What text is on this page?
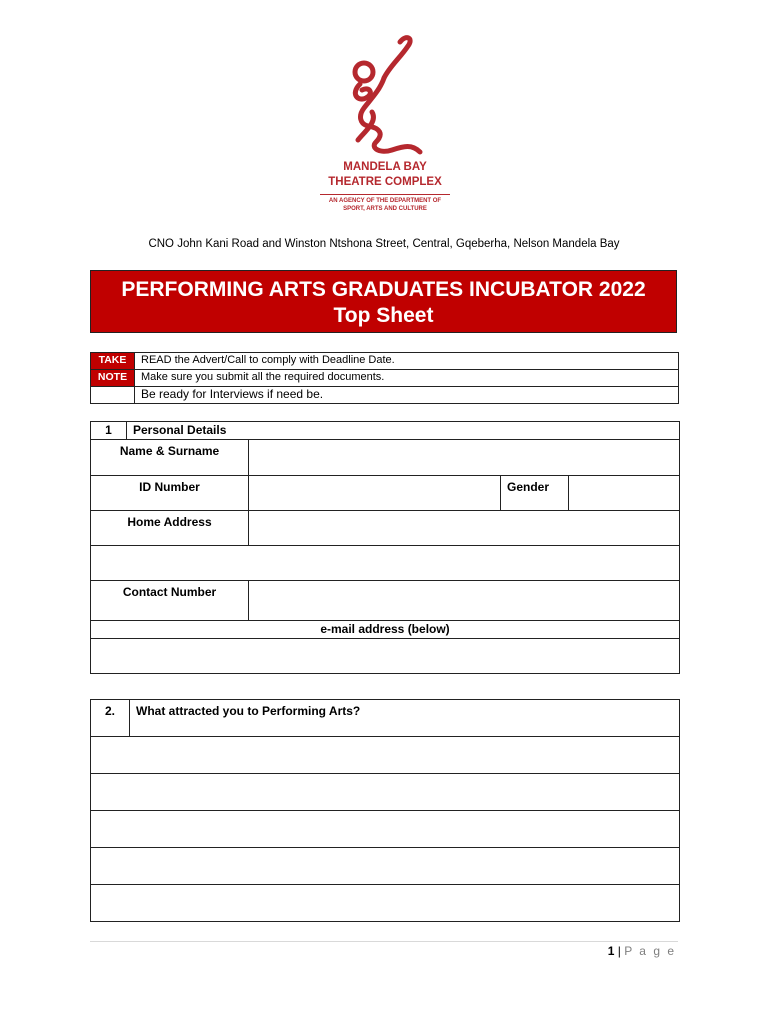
MANDELA BAY
THEATRE COMPLEX
AN AGENCY OF THE DEPARTMENT OF
SPORT, ARTS AND CULTURE
CNO John Kani Road and Winston Ntshona Street, Central, Gqeberha, Nelson Mandela Bay
PERFORMING ARTS GRADUATES INCUBATOR 2022
Top Sheet
TAKE	READ the Advert/Call to comply with Deadline Date.
NOTE	Make sure you submit all the required documents.
	Be ready for Interviews if need be.
1	Personal Details			
Name & Surname				
ID Number			Gender	
Home Address				

Contact Number				
e-mail address (below)				

2.	What attracted you to Performing Arts?

1 | P a g e
